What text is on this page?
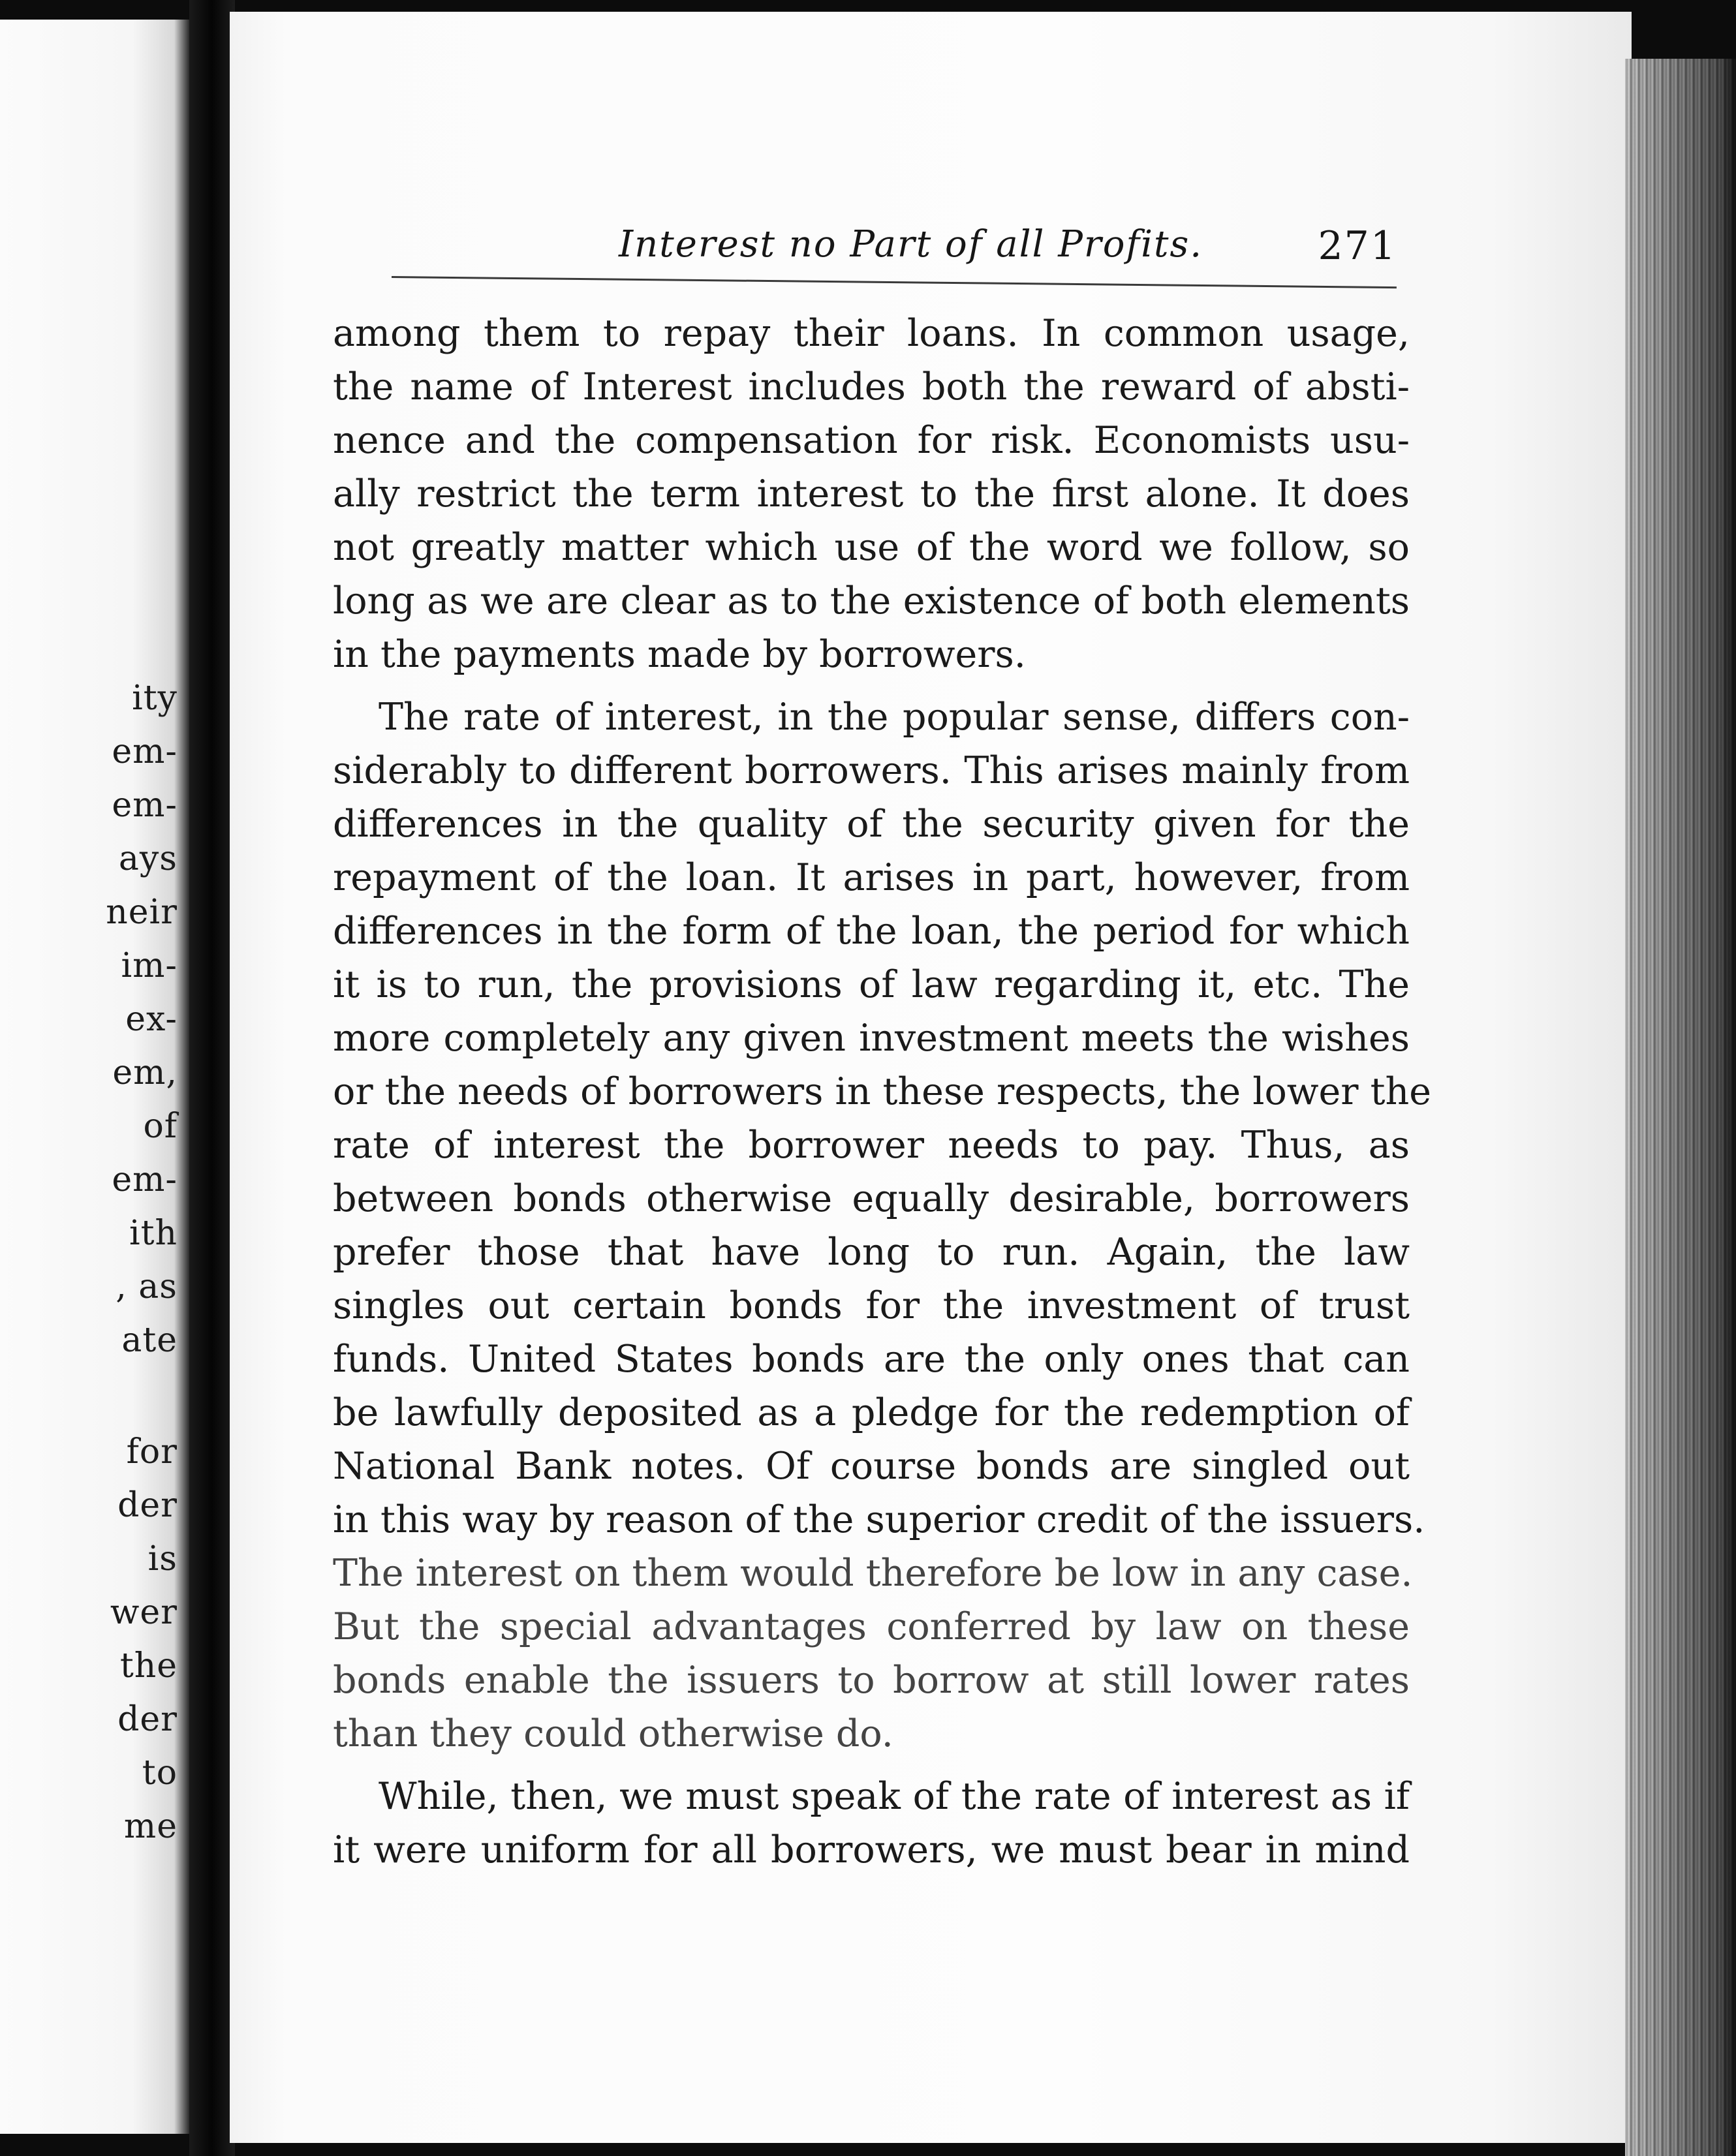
ity
em-
em-
ays
neir
im-
ex-
em,
of
em-
ith
, as
ate
for
der
is
wer
the
der
to
me
Interest no Part of all Profits.	271
among them to repay their loans. In common usage,
the name of Interest includes both the reward of absti-
nence and the compensation for risk. Economists usu-
ally restrict the term interest to the first alone. It does
not greatly matter which use of the word we follow, so
long as we are clear as to the existence of both elements
in the payments made by borrowers.
The rate of interest, in the popular sense, differs con-
siderably to different borrowers. This arises mainly from
differences in the quality of the security given for the
repayment of the loan. It arises in part, however, from
differences in the form of the loan, the period for which
it is to run, the provisions of law regarding it, etc. The
more completely any given investment meets the wishes
or the needs of borrowers in these respects, the lower the
rate of interest the borrower needs to pay. Thus, as
between bonds otherwise equally desirable, borrowers
prefer those that have long to run. Again, the law
singles out certain bonds for the investment of trust
funds. United States bonds are the only ones that can
be lawfully deposited as a pledge for the redemption of
National Bank notes. Of course bonds are singled out
in this way by reason of the superior credit of the issuers.
The interest on them would therefore be low in any case.
But the special advantages conferred by law on these
bonds enable the issuers to borrow at still lower rates
than they could otherwise do.
While, then, we must speak of the rate of interest as if
it were uniform for all borrowers, we must bear in mind
